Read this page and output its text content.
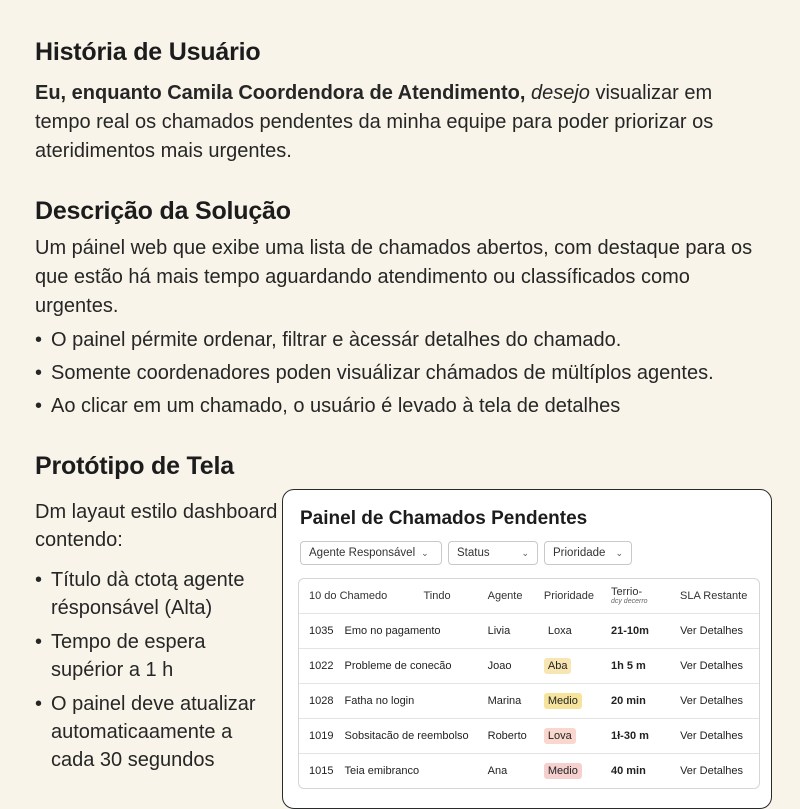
História de Usuário

Eu, enquanto Camila Coordendora de Atendimento, desejo visualizar em tempo real os chamados pendentes da minha equipe para poder priorizar os ateridimentos mais urgentes.

Descrição da Solução

Um páinel web que exibe uma lista de chamados abertos, com destaque para os que estão há mais tempo aguardando atendimento ou classíficados como urgentes.

• O painel pérmite ordenar, filtrar e àcessár detalhes do chamado.
• Somente coordenadores poden visuálizar chámados de mültíplos agentes.
• Ao clicar em um chamado, o usuário é levado à tela de detalhes
Protótipo de Tela

Dm layaut estilo dashboard contendo:

• Título dà ctotą agente résponsável (Alta)
• Tempo de espera supérior a 1 h
• O painel deve atualizar automaticaamente a cada 30 segundos
Painel de Chamados Pendentes
Agente Responsável ⌄ Status	⌄ Prioridade ⌄
10 do Chamedo	Tindo	Agente	Prioridade	Terrio-
dcy decerro	SLA Restante
1035	Emo no pagamento	Livia	Loxa	21-10m	Ver Detalhes
1022	Probleme de conecão	Joao	Aba	1h 5 m	Ver Detalhes
1028	Fatha no login	Marina	Medio	20 min	Ver Detalhes
1019	Sobsitacão de reembolso	Roberto	Lova	1ł-30 m	Ver Detalhes
1015	Teia emibranco	Ana	Medio	40 min	Ver Detalhes
